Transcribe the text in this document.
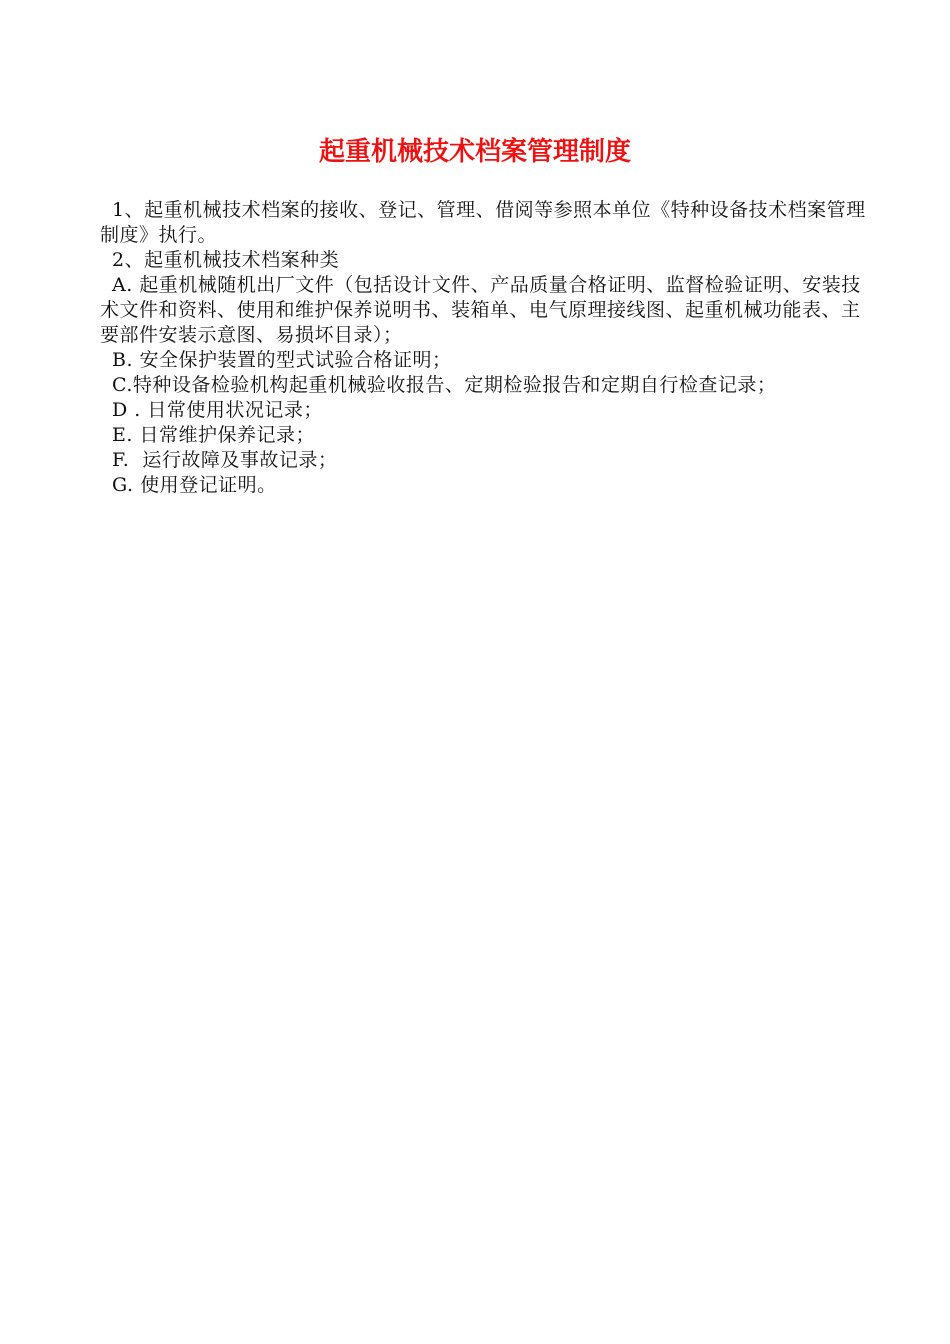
起重机械技术档案管理制度

1、起重机械技术档案的接收、登记、管理、借阅等参照本单位《特种设备技术档案管理制度》执行。

2、起重机械技术档案种类

A. 起重机械随机出厂文件（包括设计文件、产品质量合格证明、监督检验证明、安装技术文件和资料、使用和维护保养说明书、装箱单、电气原理接线图、起重机械功能表、主要部件安装示意图、易损坏目录）；

B. 安全保护装置的型式试验合格证明；

C.特种设备检验机构起重机械验收报告、定期检验报告和定期自行检查记录；

D . 日常使用状况记录；

E. 日常维护保养记录；

F.  运行故障及事故记录；

G. 使用登记证明。
